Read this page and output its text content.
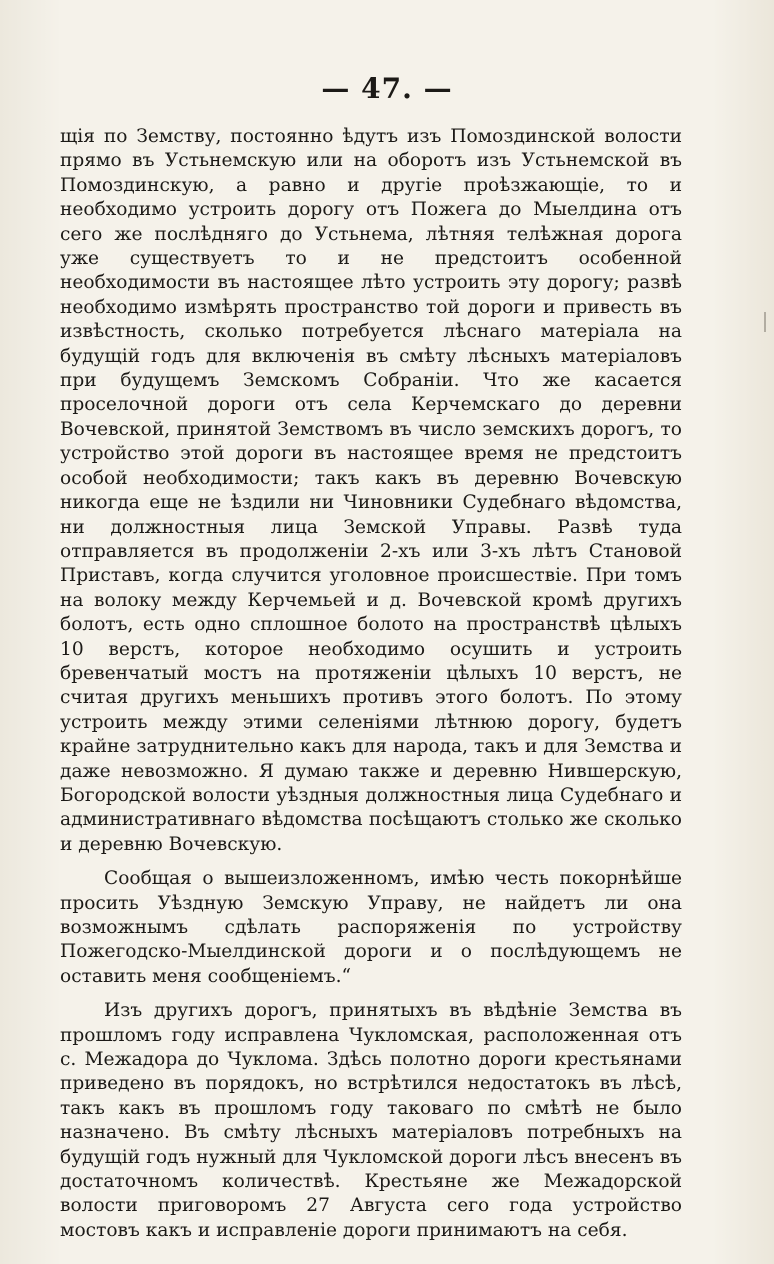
— 47. —

щія по Земству, постоянно ѣдутъ изъ Помоздинской волости прямо въ Устьнемскую или на оборотъ изъ Устьнемской въ Помоздинскую, а равно и другіе проѣзжающіе, то и необходимо устроить дорогу отъ Пожега до Мыелдина отъ сего же послѣдняго до Устьнема, лѣтняя телѣжная дорога уже существуетъ то и не предстоитъ особенной необходимости въ настоящее лѣто устроить эту дорогу; развѣ необходимо измѣрять пространство той дороги и привесть въ извѣстность, сколько потребуется лѣснаго матеріала на будущій годъ для включенія въ смѣту лѣсныхъ матеріаловъ при будущемъ Земскомъ Собраніи. Что же касается проселочной дороги отъ села Керчемскаго до деревни Вочевской, принятой Земствомъ въ число земскихъ дорогъ, то устройство этой дороги въ настоящее время не предстоитъ особой необходимости; такъ какъ въ деревню Вочевскую никогда еще не ѣздили ни Чиновники Судебнаго вѣдомства, ни должностныя лица Земской Управы. Развѣ туда отправляется въ продолженіи 2-хъ или 3-хъ лѣтъ Становой Приставъ, когда случится уголовное происшествіе. При томъ на волоку между Керчемьей и д. Вочевской кромѣ другихъ болотъ, есть одно сплошное болото на пространствѣ цѣлыхъ 10 верстъ, которое необходимо осушить и устроить бревенчатый мостъ на протяженіи цѣлыхъ 10 верстъ, не считая другихъ меньшихъ противъ этого болотъ. По этому устроить между этими селеніями лѣтнюю дорогу, будетъ крайне затруднительно какъ для народа, такъ и для Земства и даже невозможно. Я думаю также и деревню Нившерскую, Богородской волости уѣздныя должностныя лица Судебнаго и административнаго вѣдомства посѣщаютъ столько же сколько и деревню Вочевскую.

Сообщая о вышеизложенномъ, имѣю честь покорнѣйше просить Уѣздную Земскую Управу, не найдетъ ли она возможнымъ сдѣлать распоряженія по устройству Пожегодско-Мыелдинской дороги и о послѣдующемъ не оставить меня сообщеніемъ.“

Изъ другихъ дорогъ, принятыхъ въ вѣдѣніе Земства въ прошломъ году исправлена Чукломская, расположенная отъ с. Межадора до Чуклома. Здѣсь полотно дороги крестьянами приведено въ порядокъ, но встрѣтился недостатокъ въ лѣсѣ, такъ какъ въ прошломъ году таковаго по смѣтѣ не было назначено. Въ смѣту лѣсныхъ матеріаловъ потребныхъ на будущій годъ нужный для Чукломской дороги лѣсъ внесенъ въ достаточномъ количествѣ. Крестьяне же Межадорской волости приговоромъ 27 Августа сего года устройство мостовъ какъ и исправленіе дороги принимаютъ на себя.
